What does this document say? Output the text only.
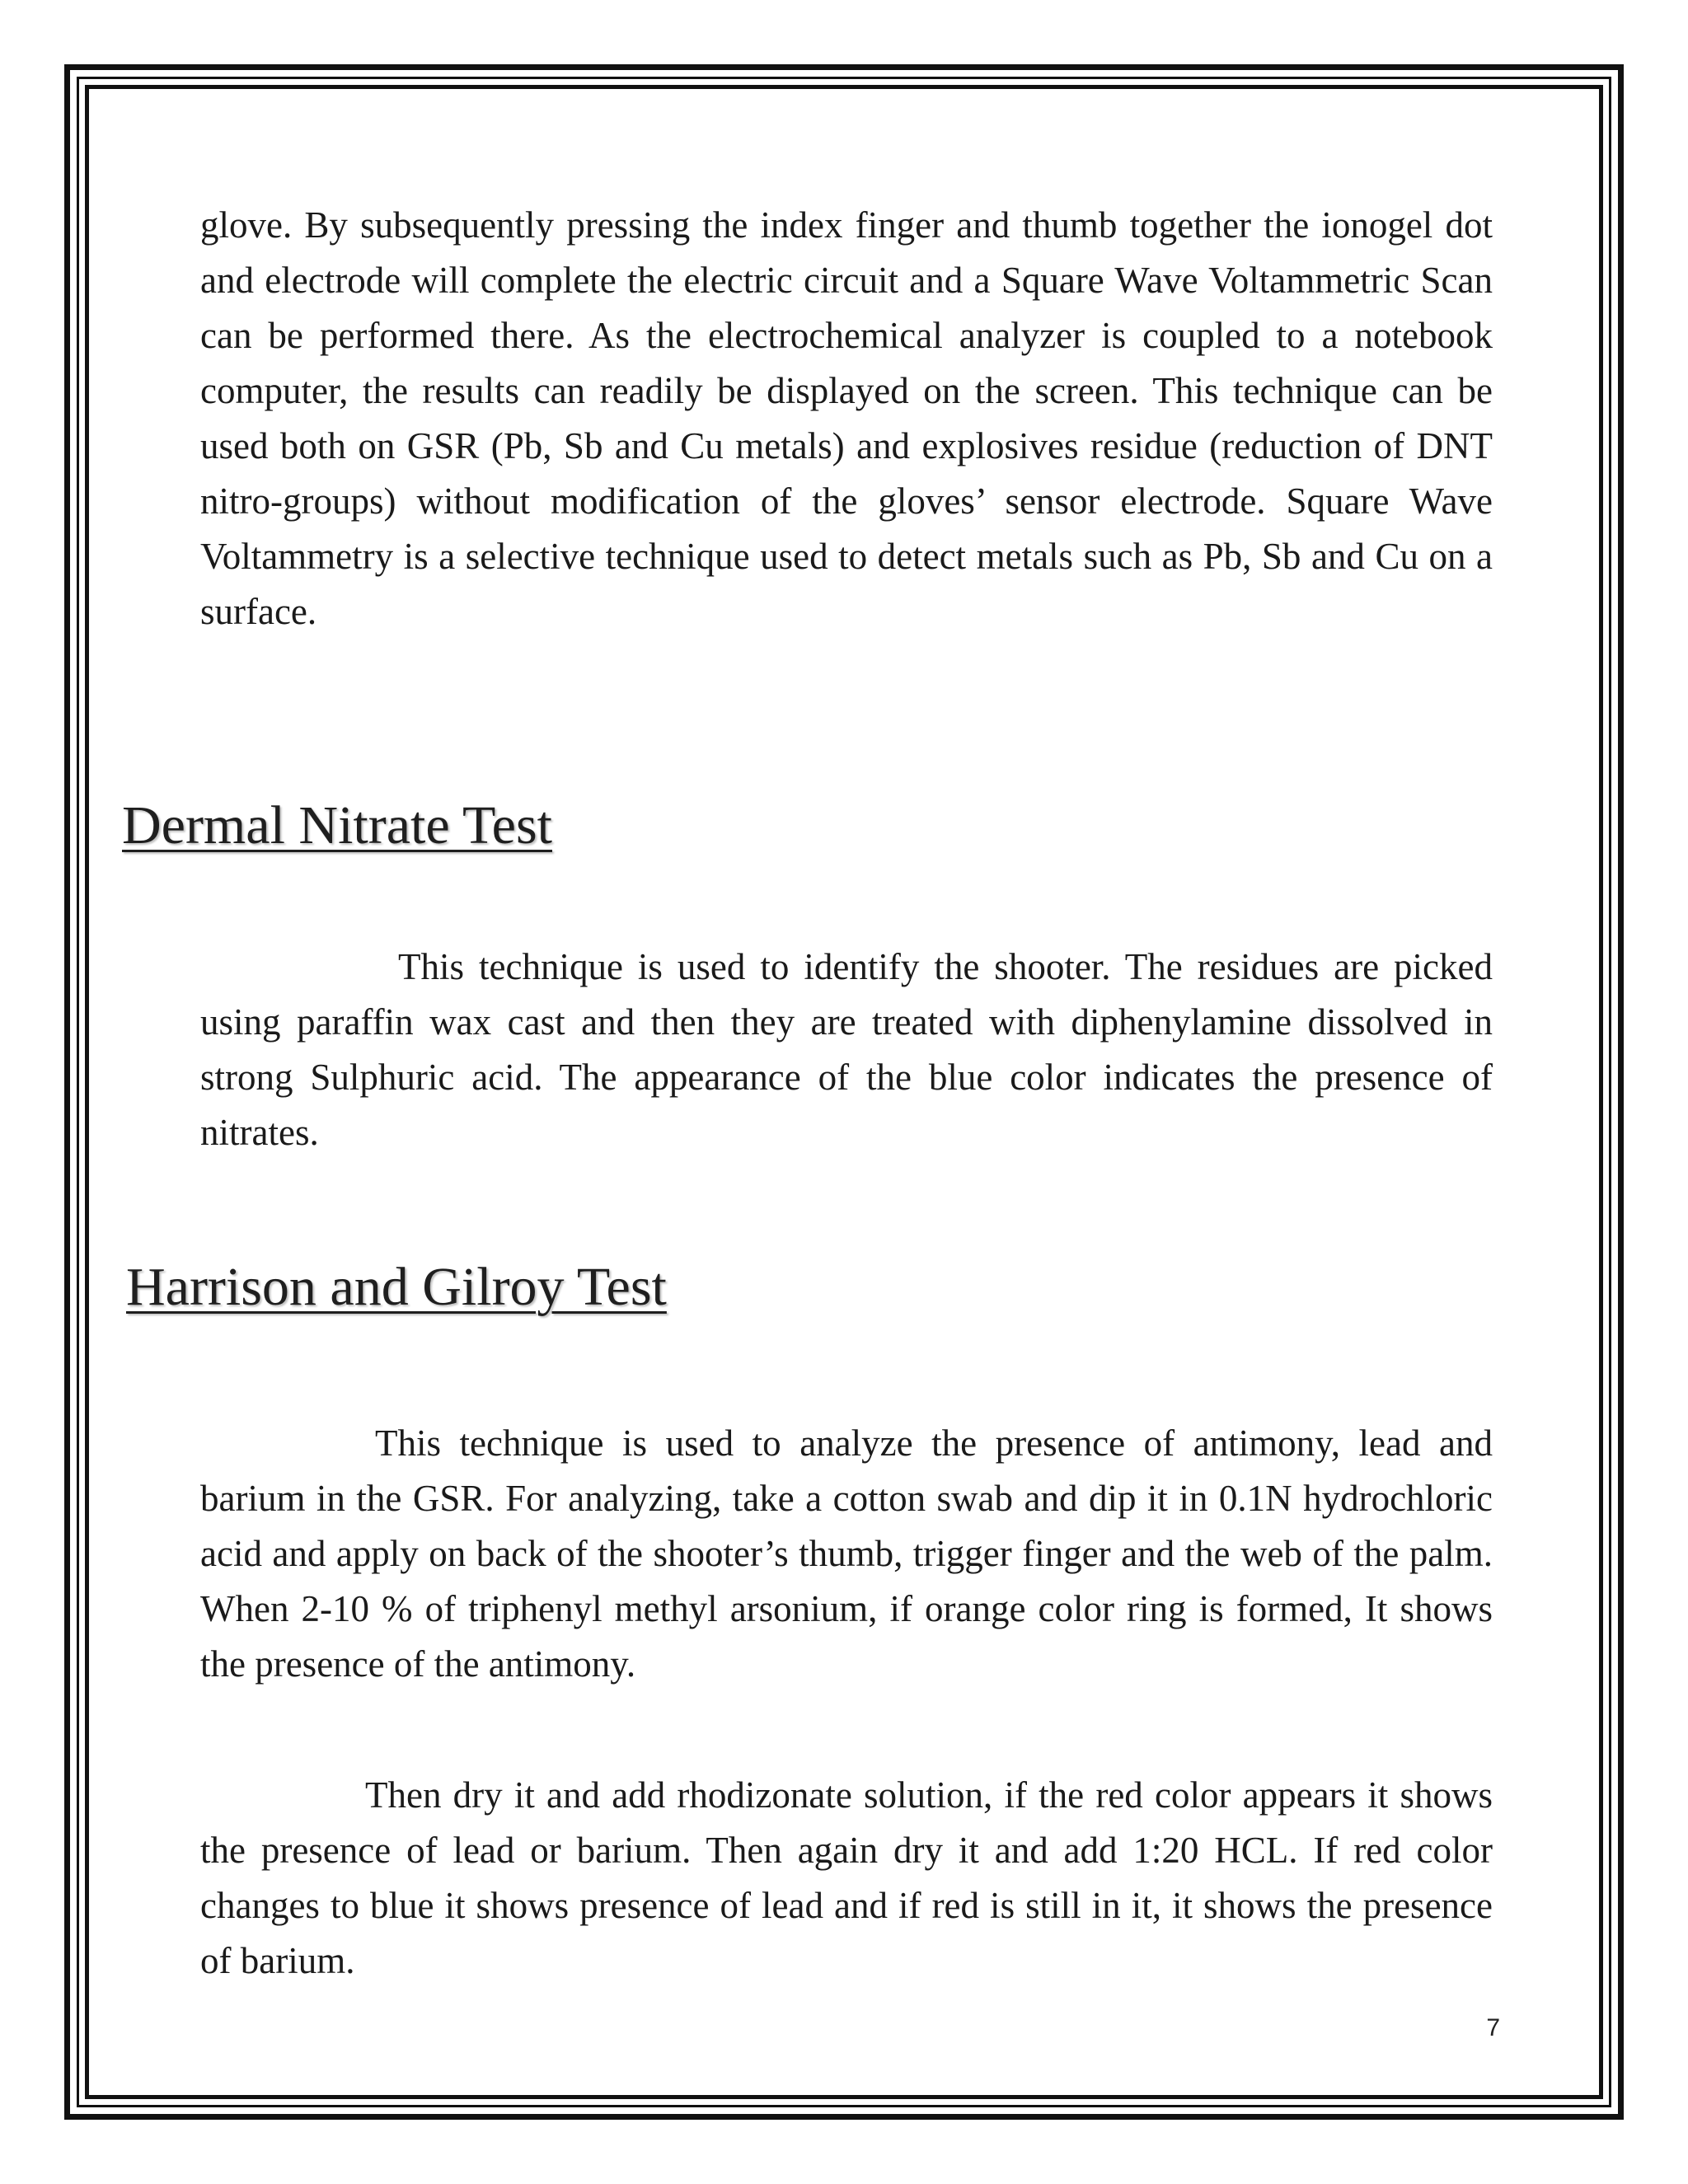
glove. By subsequently pressing the index finger and thumb together the ionogel dot and electrode will complete the electric circuit and a Square Wave Voltammetric Scan can be performed there. As the electrochemical analyzer is coupled to a notebook computer, the results can readily be displayed on the screen. This technique can be used both on GSR (Pb, Sb and Cu metals) and explosives residue (reduction of DNT nitro-groups) without modification of the gloves’ sensor electrode. Square Wave Voltammetry is a selective technique used to detect metals such as Pb, Sb and Cu on a surface.

Dermal Nitrate Test

This technique is used to identify the shooter. The residues are picked using paraffin wax cast and then they are treated with diphenylamine dissolved in strong Sulphuric acid. The appearance of the blue color indicates the presence of nitrates.

Harrison and Gilroy Test

This technique is used to analyze the presence of antimony, lead and barium in the GSR. For analyzing, take a cotton swab and dip it in 0.1N hydrochloric acid and apply on back of the shooter’s thumb, trigger finger and the web of the palm. When 2-10 % of triphenyl methyl arsonium, if orange color ring is formed, It shows the presence of the antimony.

Then dry it and add rhodizonate solution, if the red color appears it shows the presence of lead or barium. Then again dry it and add 1:20 HCL. If red color changes to blue it shows presence of lead and if red is still in it, it shows the presence of barium.

7
